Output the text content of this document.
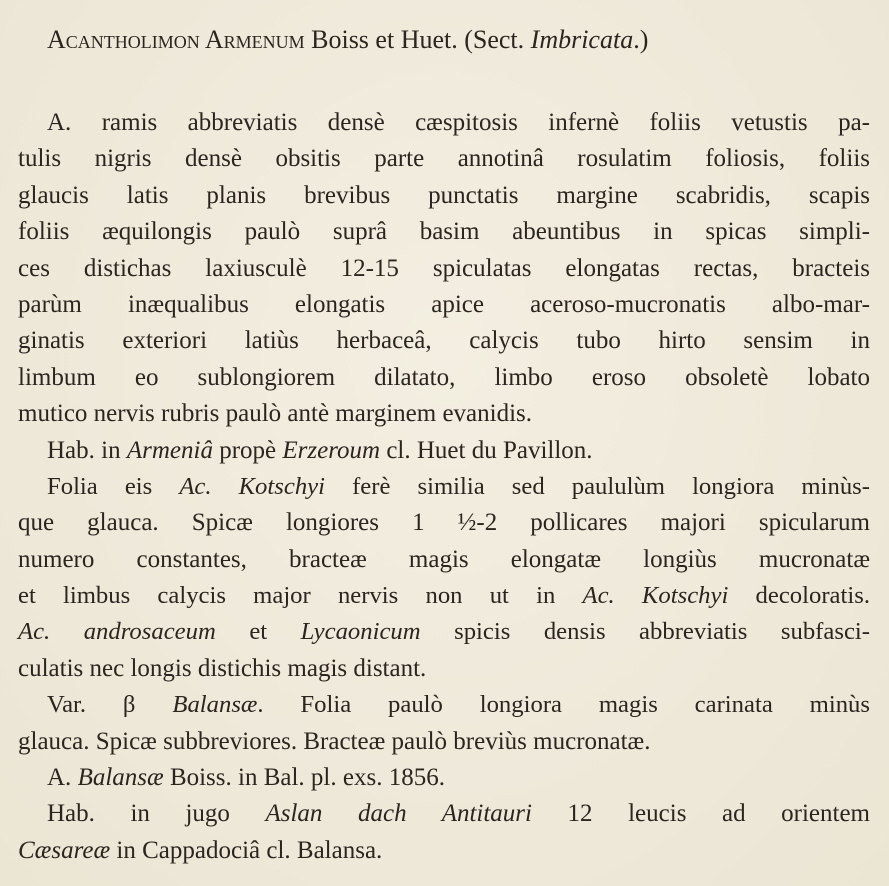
Acantholimon Armenum Boiss et Huet. (Sect. Imbricata.)
A. ramis abbreviatis densè cæspitosis infernè foliis vetustis pa-
tulis nigris densè obsitis parte annotinâ rosulatim foliosis, foliis
glaucis latis planis brevibus punctatis margine scabridis, scapis
foliis æquilongis paulò suprâ basim abeuntibus in spicas simpli-
ces distichas laxiusculè 12-15 spiculatas elongatas rectas, bracteis
parùm inæqualibus elongatis apice aceroso-mucronatis albo-mar-
ginatis exteriori latiùs herbaceâ, calycis tubo hirto sensim in
limbum eo sublongiorem dilatato, limbo eroso obsoletè lobato
mutico nervis rubris paulò antè marginem evanidis.
Hab. in Armeniâ propè Erzeroum cl. Huet du Pavillon.
Folia eis Ac. Kotschyi ferè similia sed paululùm longiora minùs-
que glauca. Spicæ longiores 1 ½-2 pollicares majori spicularum
numero constantes, bracteæ magis elongatæ longiùs mucronatæ
et limbus calycis major nervis non ut in Ac. Kotschyi decoloratis.
Ac. androsaceum et Lycaonicum spicis densis abbreviatis subfasci-
culatis nec longis distichis magis distant.
Var. β Balansæ. Folia paulò longiora magis carinata minùs
glauca. Spicæ subbreviores. Bracteæ paulò breviùs mucronatæ.
A. Balansæ Boiss. in Bal. pl. exs. 1856.
Hab. in jugo Aslan dach Antitauri 12 leucis ad orientem
Cæsareæ in Cappadociâ cl. Balansa.
